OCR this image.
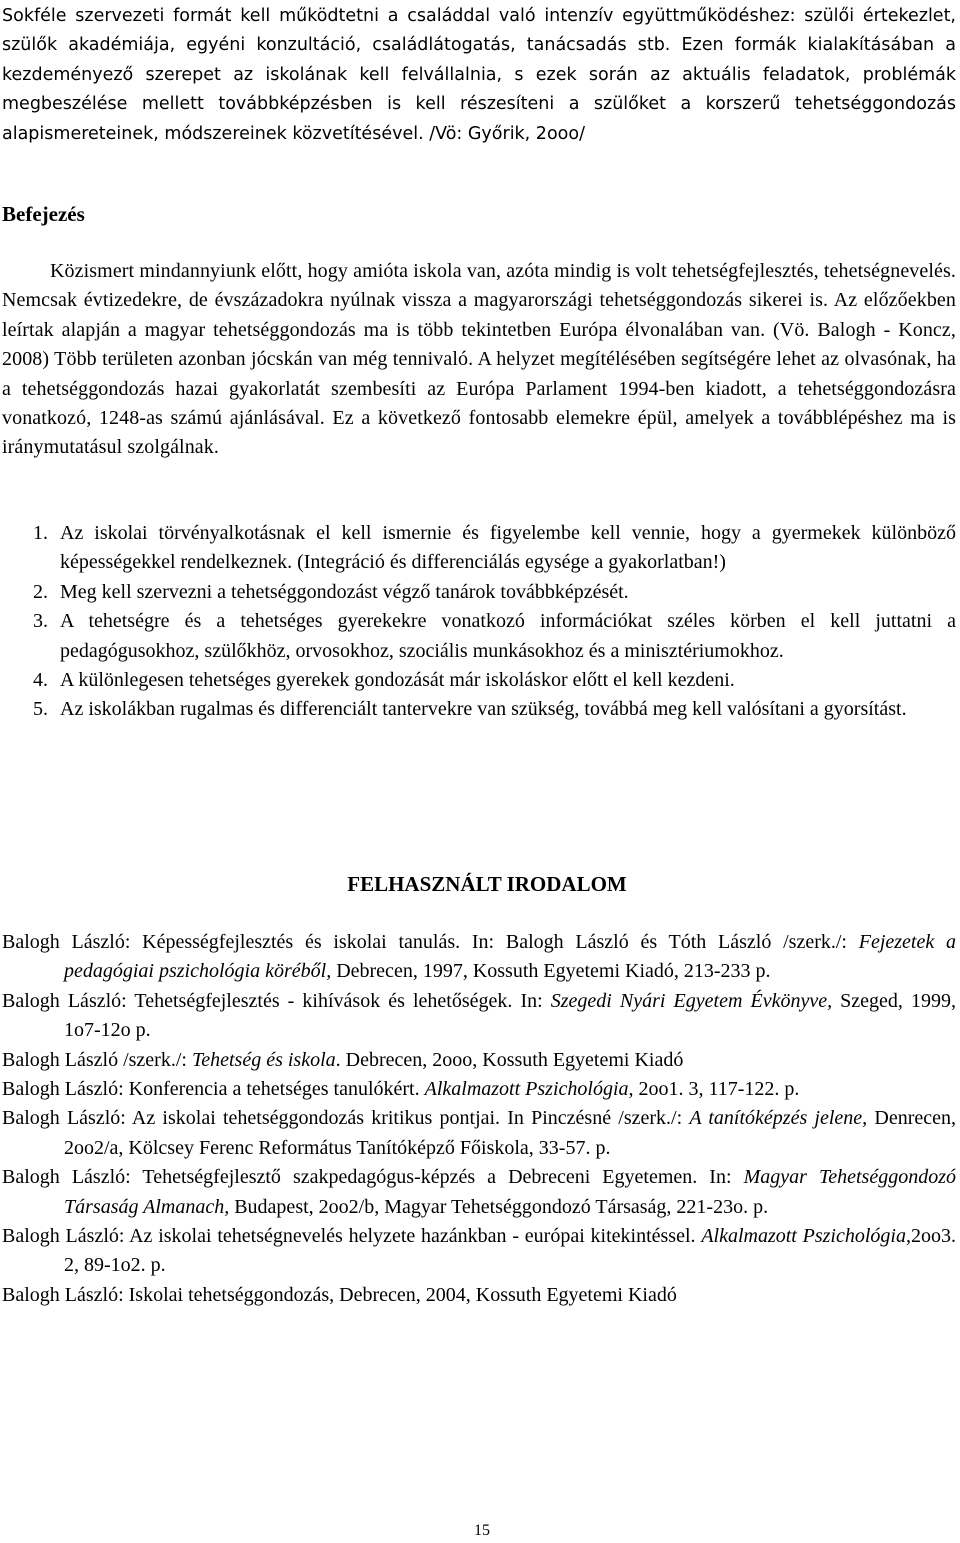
Sokféle szervezeti formát kell működtetni a családdal való intenzív együttműködéshez: szülői értekezlet, szülők akadémiája, egyéni konzultáció, családlátogatás, tanácsadás stb. Ezen formák kialakításában a kezdeményező szerepet az iskolának kell felvállalnia, s ezek során az aktuális feladatok, problémák megbeszélése mellett továbbképzésben is kell részesíteni a szülőket a korszerű tehetséggondozás alapismereteinek, módszereinek közvetítésével. /Vö: Győrik, 2ooo/
Befejezés
Közismert mindannyiunk előtt, hogy amióta iskola van, azóta mindig is volt tehetségfejlesztés, tehetségnevelés. Nemcsak évtizedekre, de évszázadokra nyúlnak vissza a magyarországi tehetséggondozás sikerei is. Az előzőekben leírtak alapján a magyar tehetséggondozás ma is több tekintetben Európa élvonalában van. (Vö. Balogh - Koncz, 2008) Több területen azonban jócskán van még tennivaló. A helyzet megítélésében segítségére lehet az olvasónak, ha a tehetséggondozás hazai gyakorlatát szembesíti az Európa Parlament 1994-ben kiadott, a tehetséggondozásra vonatkozó, 1248-as számú ajánlásával. Ez a következő fontosabb elemekre épül, amelyek a továbblépéshez ma is iránymutatásul szolgálnak.
1. Az iskolai törvényalkotásnak el kell ismernie és figyelembe kell vennie, hogy a gyermekek különböző képességekkel rendelkeznek. (Integráció és differenciálás egysége a gyakorlatban!)
2. Meg kell szervezni a tehetséggondozást végző tanárok továbbképzését.
3. A tehetségre és a tehetséges gyerekekre vonatkozó információkat széles körben el kell juttatni a pedagógusokhoz, szülőkhöz, orvosokhoz, szociális munkásokhoz és a minisztériumokhoz.
4. A különlegesen tehetséges gyerekek gondozását már iskoláskor előtt el kell kezdeni.
5. Az iskolákban rugalmas és differenciált tantervekre van szükség, továbbá meg kell valósítani a gyorsítást.
FELHASZNÁLT IRODALOM
Balogh László: Képességfejlesztés és iskolai tanulás. In: Balogh László és Tóth László /szerk./: Fejezetek a pedagógiai pszichológia köréből, Debrecen, 1997, Kossuth Egyetemi Kiadó, 213-233 p.
Balogh László: Tehetségfejlesztés - kihívások és lehetőségek. In: Szegedi Nyári Egyetem Évkönyve, Szeged, 1999, 1o7-12o p.
Balogh László /szerk./: Tehetség és iskola. Debrecen, 2ooo, Kossuth Egyetemi Kiadó
Balogh László: Konferencia a tehetséges tanulókért. Alkalmazott Pszichológia, 2oo1. 3, 117-122. p.
Balogh László: Az iskolai tehetséggondozás kritikus pontjai. In Pinczésné /szerk./: A tanítóképzés jelene, Denrecen, 2oo2/a, Kölcsey Ferenc Református Tanítóképző Főiskola, 33-57. p.
Balogh László: Tehetségfejlesztő szakpedagógus-képzés a Debreceni Egyetemen. In: Magyar Tehetséggondozó Társaság Almanach, Budapest, 2oo2/b, Magyar Tehetséggondozó Társaság, 221-23o. p.
Balogh László: Az iskolai tehetségnevelés helyzete hazánkban - európai kitekintéssel. Alkalmazott Pszichológia,2oo3. 2, 89-1o2. p.
Balogh László: Iskolai tehetséggondozás, Debrecen, 2004, Kossuth Egyetemi Kiadó
15
